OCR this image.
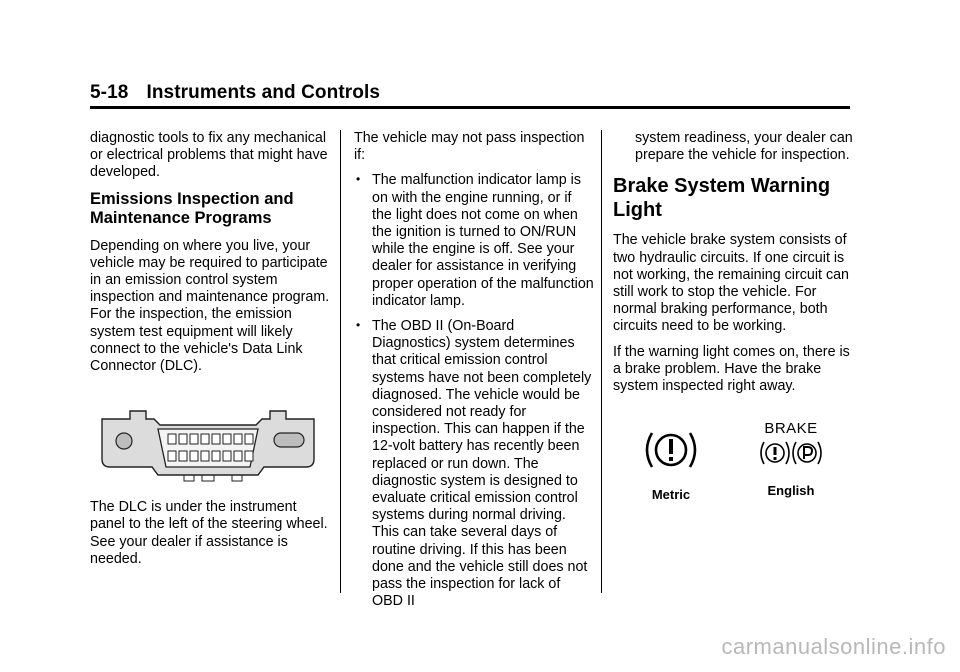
5-18 Instruments and Controls

diagnostic tools to fix any mechanical or electrical problems that might have developed.

Emissions Inspection and Maintenance Programs

Depending on where you live, your vehicle may be required to participate in an emission control system inspection and maintenance program. For the inspection, the emission system test equipment will likely connect to the vehicle's Data Link Connector (DLC).

The DLC is under the instrument panel to the left of the steering wheel. See your dealer if assistance is needed.

The vehicle may not pass inspection if:

• The malfunction indicator lamp is on with the engine running, or if the light does not come on when the ignition is turned to ON/RUN while the engine is off. See your dealer for assistance in verifying proper operation of the malfunction indicator lamp.
• The OBD II (On-Board Diagnostics) system determines that critical emission control systems have not been completely diagnosed. The vehicle would be considered not ready for inspection. This can happen if the 12-volt battery has recently been replaced or run down. The diagnostic system is designed to evaluate critical emission control systems during normal driving. This can take several days of routine driving. If this has been done and the vehicle still does not pass the inspection for lack of OBD II

system readiness, your dealer can prepare the vehicle for inspection.

Brake System Warning Light

The vehicle brake system consists of two hydraulic circuits. If one circuit is not working, the remaining circuit can still work to stop the vehicle. For normal braking performance, both circuits need to be working.

If the warning light comes on, there is a brake problem. Have the brake system inspected right away.

Metric
BRAKE
English
carmanualsonline.info
